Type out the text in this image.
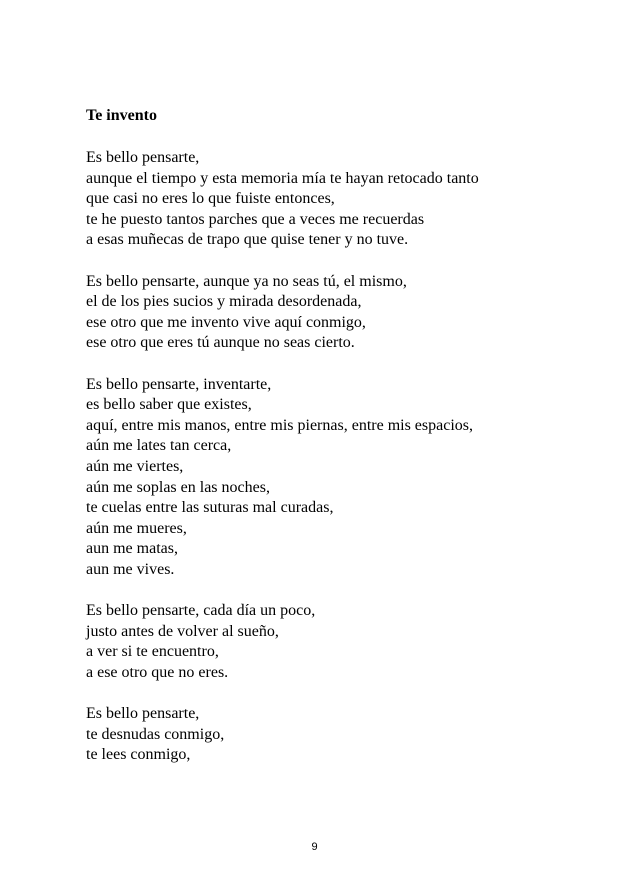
Te invento
Es bello pensarte,
aunque el tiempo y esta memoria mía te hayan retocado tanto
que casi no eres lo que fuiste entonces,
te he puesto tantos parches que a veces me recuerdas
a esas muñecas de trapo que quise tener y no tuve.
Es bello pensarte, aunque ya no seas tú, el mismo,
el de los pies sucios y mirada desordenada,
ese otro que me invento vive aquí conmigo,
ese otro que eres tú aunque no seas cierto.
Es bello pensarte, inventarte,
es bello saber que existes,
aquí, entre mis manos, entre mis piernas, entre mis espacios,
aún me lates tan cerca,
aún me viertes,
aún me soplas en las noches,
te cuelas entre las suturas mal curadas,
aún me mueres,
aun me matas,
aun me vives.
Es bello pensarte, cada día un poco,
justo antes de volver al sueño,
a ver si te encuentro,
a ese otro que no eres.
Es bello pensarte,
te desnudas conmigo,
te lees conmigo,
9
